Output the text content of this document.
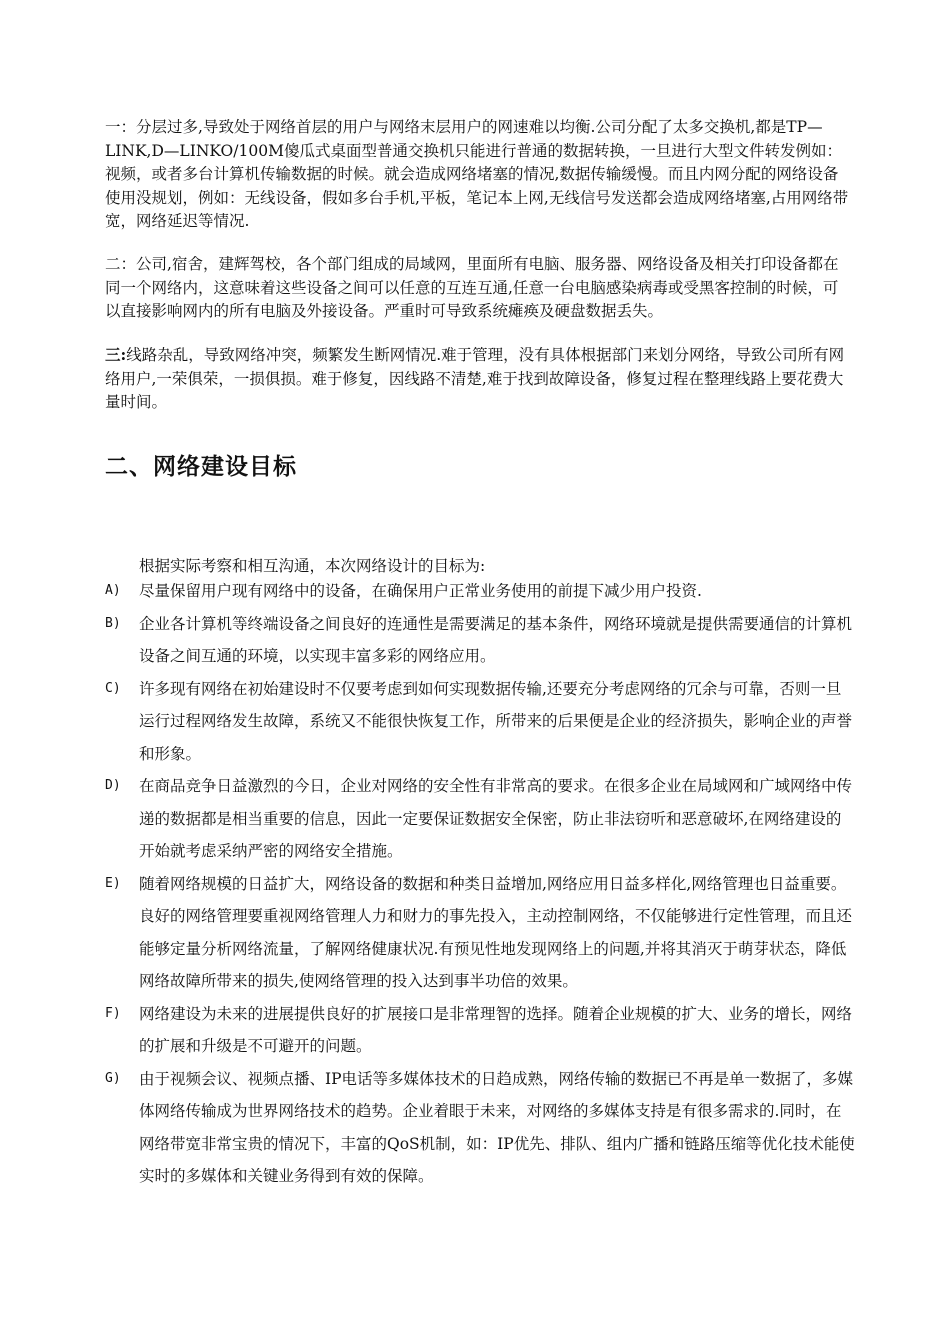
一：分层过多,导致处于网络首层的用户与网络末层用户的网速难以均衡.公司分配了太多交换机,都是TP—LINK,D—LINKO/100M傻瓜式桌面型普通交换机只能进行普通的数据转换，一旦进行大型文件转发例如：视频，或者多台计算机传输数据的时候。就会造成网络堵塞的情况,数据传输缓慢。而且内网分配的网络设备使用没规划，例如：无线设备，假如多台手机,平板，笔记本上网,无线信号发送都会造成网络堵塞,占用网络带宽，网络延迟等情况.

二：公司,宿舍，建辉驾校，各个部门组成的局域网，里面所有电脑、服务器、网络设备及相关打印设备都在同一个网络内，这意味着这些设备之间可以任意的互连互通,任意一台电脑感染病毒或受黑客控制的时候，可以直接影响网内的所有电脑及外接设备。严重时可导致系统瘫痪及硬盘数据丢失。

三:线路杂乱，导致网络冲突，频繁发生断网情况.难于管理，没有具体根据部门来划分网络，导致公司所有网络用户,一荣俱荣，一损俱损。难于修复，因线路不清楚,难于找到故障设备，修复过程在整理线路上要花费大量时间。

二、网络建设目标

根据实际考察和相互沟通，本次网络设计的目标为:

A) 尽量保留用户现有网络中的设备，在确保用户正常业务使用的前提下减少用户投资.
B) 企业各计算机等终端设备之间良好的连通性是需要满足的基本条件，网络环境就是提供需要通信的计算机设备之间互通的环境，以实现丰富多彩的网络应用。
C) 许多现有网络在初始建设时不仅要考虑到如何实现数据传输,还要充分考虑网络的冗余与可靠，否则一旦运行过程网络发生故障，系统又不能很快恢复工作，所带来的后果便是企业的经济损失，影响企业的声誉和形象。
D) 在商品竞争日益激烈的今日，企业对网络的安全性有非常高的要求。在很多企业在局域网和广域网络中传递的数据都是相当重要的信息，因此一定要保证数据安全保密，防止非法窃听和恶意破坏,在网络建设的开始就考虑采纳严密的网络安全措施。
E) 随着网络规模的日益扩大，网络设备的数据和种类日益增加,网络应用日益多样化,网络管理也日益重要。良好的网络管理要重视网络管理人力和财力的事先投入，主动控制网络，不仅能够进行定性管理，而且还能够定量分析网络流量，了解网络健康状况.有预见性地发现网络上的问题,并将其消灭于萌芽状态，降低网络故障所带来的损失,使网络管理的投入达到事半功倍的效果。
F) 网络建设为未来的进展提供良好的扩展接口是非常理智的选择。随着企业规模的扩大、业务的增长，网络的扩展和升级是不可避开的问题。
G) 由于视频会议、视频点播、IP电话等多媒体技术的日趋成熟，网络传输的数据已不再是单一数据了，多媒体网络传输成为世界网络技术的趋势。企业着眼于未来，对网络的多媒体支持是有很多需求的.同时，在网络带宽非常宝贵的情况下，丰富的QoS机制，如：IP优先、排队、组内广播和链路压缩等优化技术能使实时的多媒体和关键业务得到有效的保障。
